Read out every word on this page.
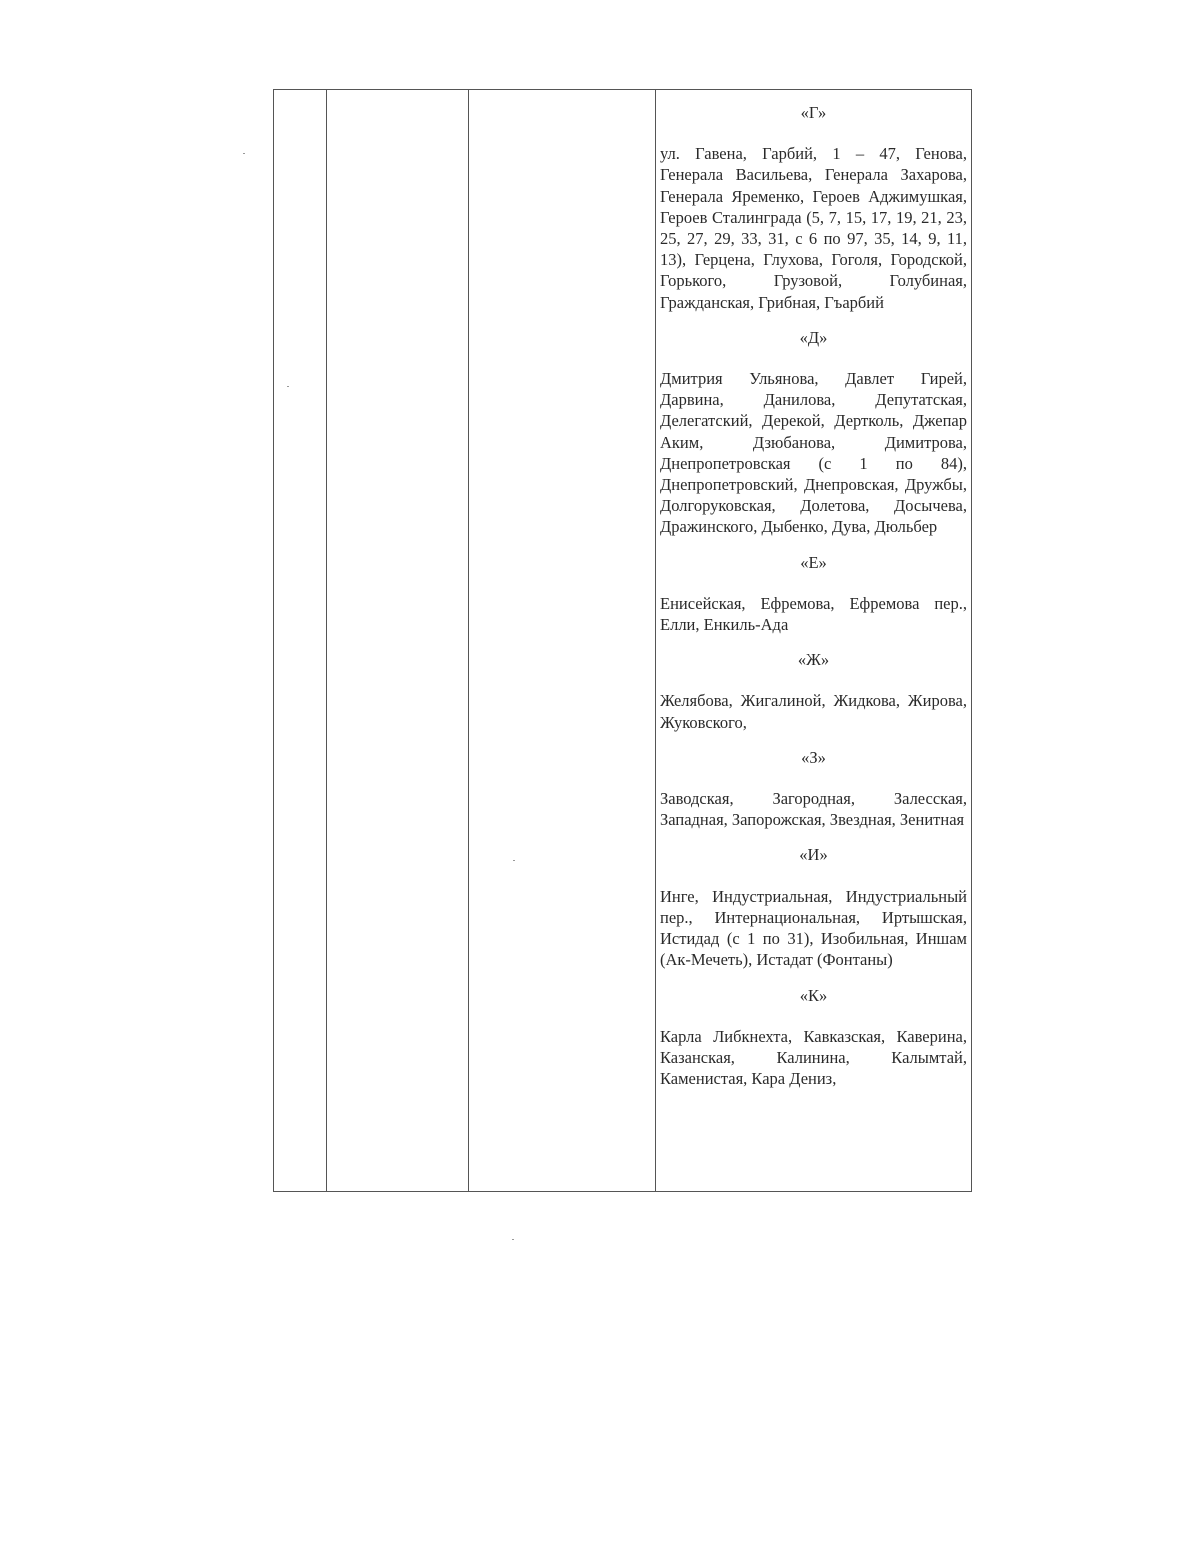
«Г»
ул. Гавена, Гарбий, 1 – 47, Генова, Генерала Васильева, Генерала Захарова, Генерала Яременко, Героев Аджимушкая, Героев Сталинграда (5, 7, 15, 17, 19, 21, 23, 25, 27, 29, 33, 31, с 6 по 97, 35, 14, 9, 11, 13), Герцена, Глухова, Гоголя, Городской, Горького, Грузовой, Голубиная, Гражданская, Грибная, Гъарбий
«Д»
Дмитрия Ульянова, Давлет Гирей, Дарвина, Данилова, Депутатская, Делегатский, Дерекой, Дертколь, Джепар Аким, Дзюбанова, Димитрова, Днепропетровская (с 1 по 84), Днепропетровский, Днепровская, Дружбы, Долгоруковская, Долетова, Досычева, Дражинского, Дыбенко, Дува, Дюльбер
«Е»
Енисейская, Ефремова, Ефремова пер., Елли, Енкиль-Ада
«Ж»
Желябова, Жигалиной, Жидкова, Жирова, Жуковского,
«З»
Заводская, Загородная, Залесская, Западная, Запорожская, Звездная, Зенитная
«И»
Инге, Индустриальная, Индустриальный пер., Интернациональная, Иртышская, Истидад (с 1 по 31), Изобильная, Иншам (Ак-Мечеть), Истадат (Фонтаны)
«К»
Карла Либкнехта, Кавказская, Каверина, Казанская, Калинина, Калымтай, Каменистая, Кара Дениз,
